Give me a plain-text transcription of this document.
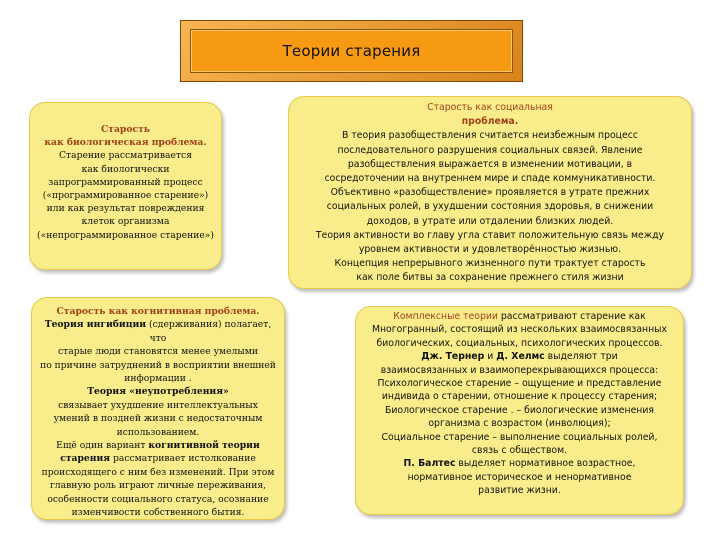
Теории старения

Старость

как биологическая проблема.

Старение рассматривается

как биологически

запрограммированный процесс

(«программированное старение»)

или как результат повреждения

клеток организма

(«непрограммированное старение»)

Старость как социальная

проблема.

В теория разобществления считается неизбежным процесс

последовательного разрушения социальных связей. Явление

разобществления выражается в изменении мотивации, в

сосредоточении на внутреннем мире и спаде коммуникативности.

Объективно «разобществление» проявляется в утрате прежних

социальных ролей, в ухудшении состояния здоровья, в снижении

доходов, в утрате или отдалении близких людей.

Теория активности во главу угла ставит положительную связь между

уровнем активности и удовлетворённостью жизнью.

Концепция непрерывного жизненного пути трактует старость

как поле битвы за сохранение прежнего стиля жизни

Старость как когнитивная проблема.

Теория ингибиции (сдерживания) полагает, что

старые люди становятся менее умелыми

по причине затруднений в восприятии внешней

информации .

Теория «неупотребления»

связывает ухудшение интеллектуальных

умений в поздней жизни с недостаточным

использованием.

Ещё один вариант когнитивной теории

старения рассматривает истолкование

происходящего с ним без изменений. При этом

главную роль играют личные переживания,

особенности социального статуса, осознание

изменчивости собственного бытия.

Комплексные теории рассматривают старение как

Многогранный, состоящий из нескольких взаимосвязанных

биологических, социальных, психологических процессов.

Дж. Тернер и Д. Хелмс выделяют три

взаимосвязанных и взаимоперекрывающихся процесса:

Психологическое старение – ощущение и представление

индивида о старении, отношение к процессу старения;

Биологическое старение . – биологические изменения

организма с возрастом (инволюция);

Социальное старение – выполнение социальных ролей,

связь с обществом.

П. Балтес выделяет нормативное возрастное,

нормативное историческое и ненормативное

развитие жизни.
